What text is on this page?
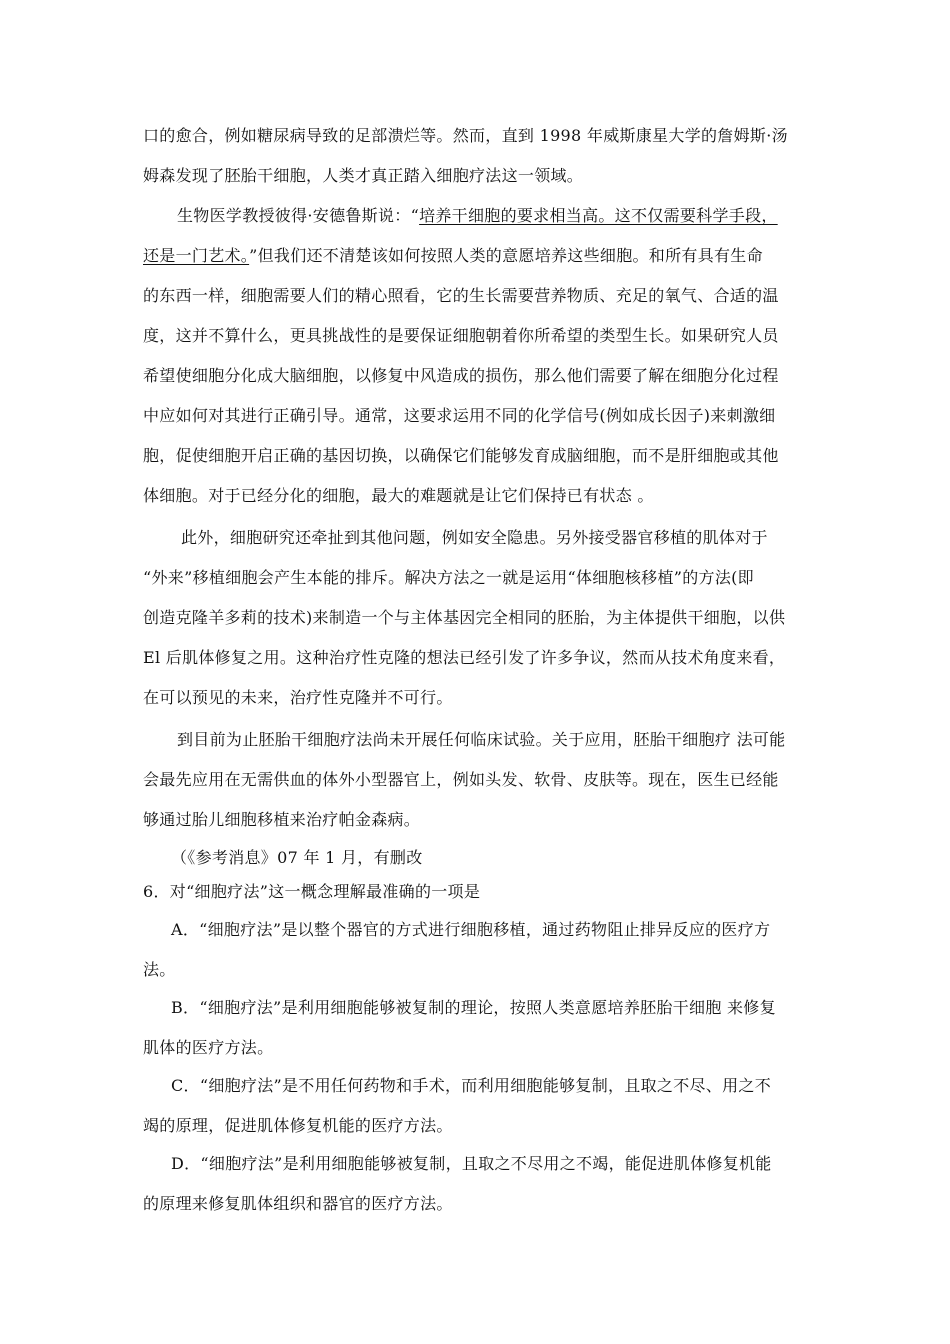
口的愈合，例如糖尿病导致的足部溃烂等。然而，直到 1998 年威斯康星大学的詹姆斯·汤
姆森发现了胚胎干细胞，人类才真正踏入细胞疗法这一领域。
生物医学教授彼得·安德鲁斯说：“培养干细胞的要求相当高。这不仅需要科学手段，
还是一门艺术。”但我们还不清楚该如何按照人类的意愿培养这些细胞。和所有具有生命
的东西一样，细胞需要人们的精心照看，它的生长需要营养物质、充足的氧气、合适的温
度，这并不算什么，更具挑战性的是要保证细胞朝着你所希望的类型生长。如果研究人员
希望使细胞分化成大脑细胞，以修复中风造成的损伤，那么他们需要了解在细胞分化过程
中应如何对其进行正确引导。通常，这要求运用不同的化学信号(例如成长因子)来刺激细
胞，促使细胞开启正确的基因切换，以确保它们能够发育成脑细胞，而不是肝细胞或其他
体细胞。对于已经分化的细胞，最大的难题就是让它们保持已有状态 。
此外，细胞研究还牵扯到其他问题，例如安全隐患。另外接受器官移植的肌体对于
“外来”移植细胞会产生本能的排斥。解决方法之一就是运用“体细胞核移植”的方法(即
创造克隆羊多莉的技术)来制造一个与主体基因完全相同的胚胎，为主体提供干细胞，以供
El 后肌体修复之用。这种治疗性克隆的想法已经引发了许多争议，然而从技术角度来看，
在可以预见的未来，治疗性克隆并不可行。
到目前为止胚胎干细胞疗法尚未开展任何临床试验。关于应用，胚胎干细胞疗 法可能
会最先应用在无需供血的体外小型器官上，例如头发、软骨、皮肤等。现在，医生已经能
够通过胎儿细胞移植来治疗帕金森病。
（《参考消息》07 年 1 月，有删改
6．对“细胞疗法”这一概念理解最准确的一项是
A．“细胞疗法”是以整个器官的方式进行细胞移植，通过药物阻止排异反应的医疗方
法。
B．“细胞疗法”是利用细胞能够被复制的理论，按照人类意愿培养胚胎干细胞 来修复
肌体的医疗方法。
C．“细胞疗法”是不用任何药物和手术，而利用细胞能够复制，且取之不尽、用之不
竭的原理，促进肌体修复机能的医疗方法。
D．“细胞疗法”是利用细胞能够被复制，且取之不尽用之不竭，能促进肌体修复机能
的原理来修复肌体组织和器官的医疗方法。
